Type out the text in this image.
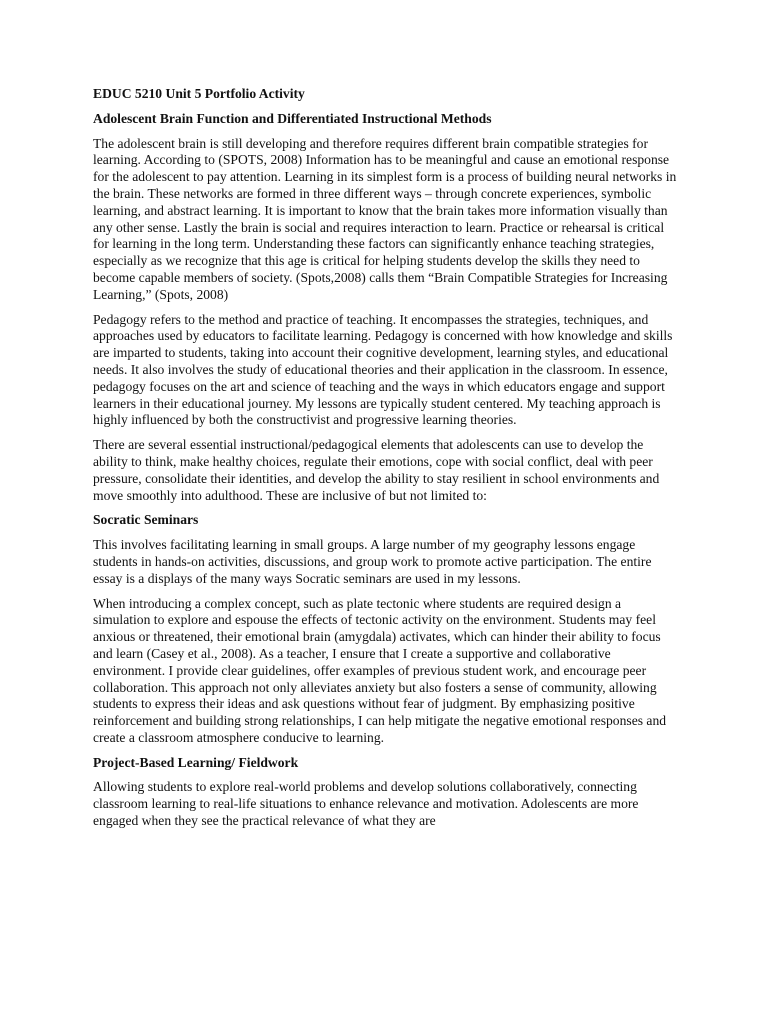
EDUC 5210 Unit 5 Portfolio Activity

Adolescent Brain Function and Differentiated Instructional Methods

The adolescent brain is still developing and therefore requires different brain compatible strategies for learning. According to (SPOTS, 2008) Information has to be meaningful and cause an emotional response for the adolescent to pay attention. Learning in its simplest form is a process of building neural networks in the brain. These networks are formed in three different ways – through concrete experiences, symbolic learning, and abstract learning. It is important to know that the brain takes more information visually than any other sense. Lastly the brain is social and requires interaction to learn. Practice or rehearsal is critical for learning in the long term. Understanding these factors can significantly enhance teaching strategies, especially as we recognize that this age is critical for helping students develop the skills they need to become capable members of society. (Spots,2008) calls them “Brain Compatible Strategies for Increasing Learning,” (Spots, 2008)

Pedagogy refers to the method and practice of teaching. It encompasses the strategies, techniques, and approaches used by educators to facilitate learning. Pedagogy is concerned with how knowledge and skills are imparted to students, taking into account their cognitive development, learning styles, and educational needs. It also involves the study of educational theories and their application in the classroom. In essence, pedagogy focuses on the art and science of teaching and the ways in which educators engage and support learners in their educational journey. My lessons are typically student centered. My teaching approach is highly influenced by both the constructivist and progressive learning theories.

There are several essential instructional/pedagogical elements that adolescents can use to develop the ability to think, make healthy choices, regulate their emotions, cope with social conflict, deal with peer pressure, consolidate their identities, and develop the ability to stay resilient in school environments and move smoothly into adulthood. These are inclusive of but not limited to:

Socratic Seminars

This involves facilitating learning in small groups. A large number of my geography lessons engage students in hands-on activities, discussions, and group work to promote active participation. The entire essay is a displays of the many ways Socratic seminars are used in my lessons.

When introducing a complex concept, such as plate tectonic where students are required design a simulation to explore and espouse the effects of tectonic activity on the environment. Students may feel anxious or threatened, their emotional brain (amygdala) activates, which can hinder their ability to focus and learn (Casey et al., 2008). As a teacher, I ensure that I create a supportive and collaborative environment. I provide clear guidelines, offer examples of previous student work, and encourage peer collaboration. This approach not only alleviates anxiety but also fosters a sense of community, allowing students to express their ideas and ask questions without fear of judgment. By emphasizing positive reinforcement and building strong relationships, I can help mitigate the negative emotional responses and create a classroom atmosphere conducive to learning.

Project-Based Learning/ Fieldwork

Allowing students to explore real-world problems and develop solutions collaboratively, connecting classroom learning to real-life situations to enhance relevance and motivation. Adolescents are more engaged when they see the practical relevance of what they are
